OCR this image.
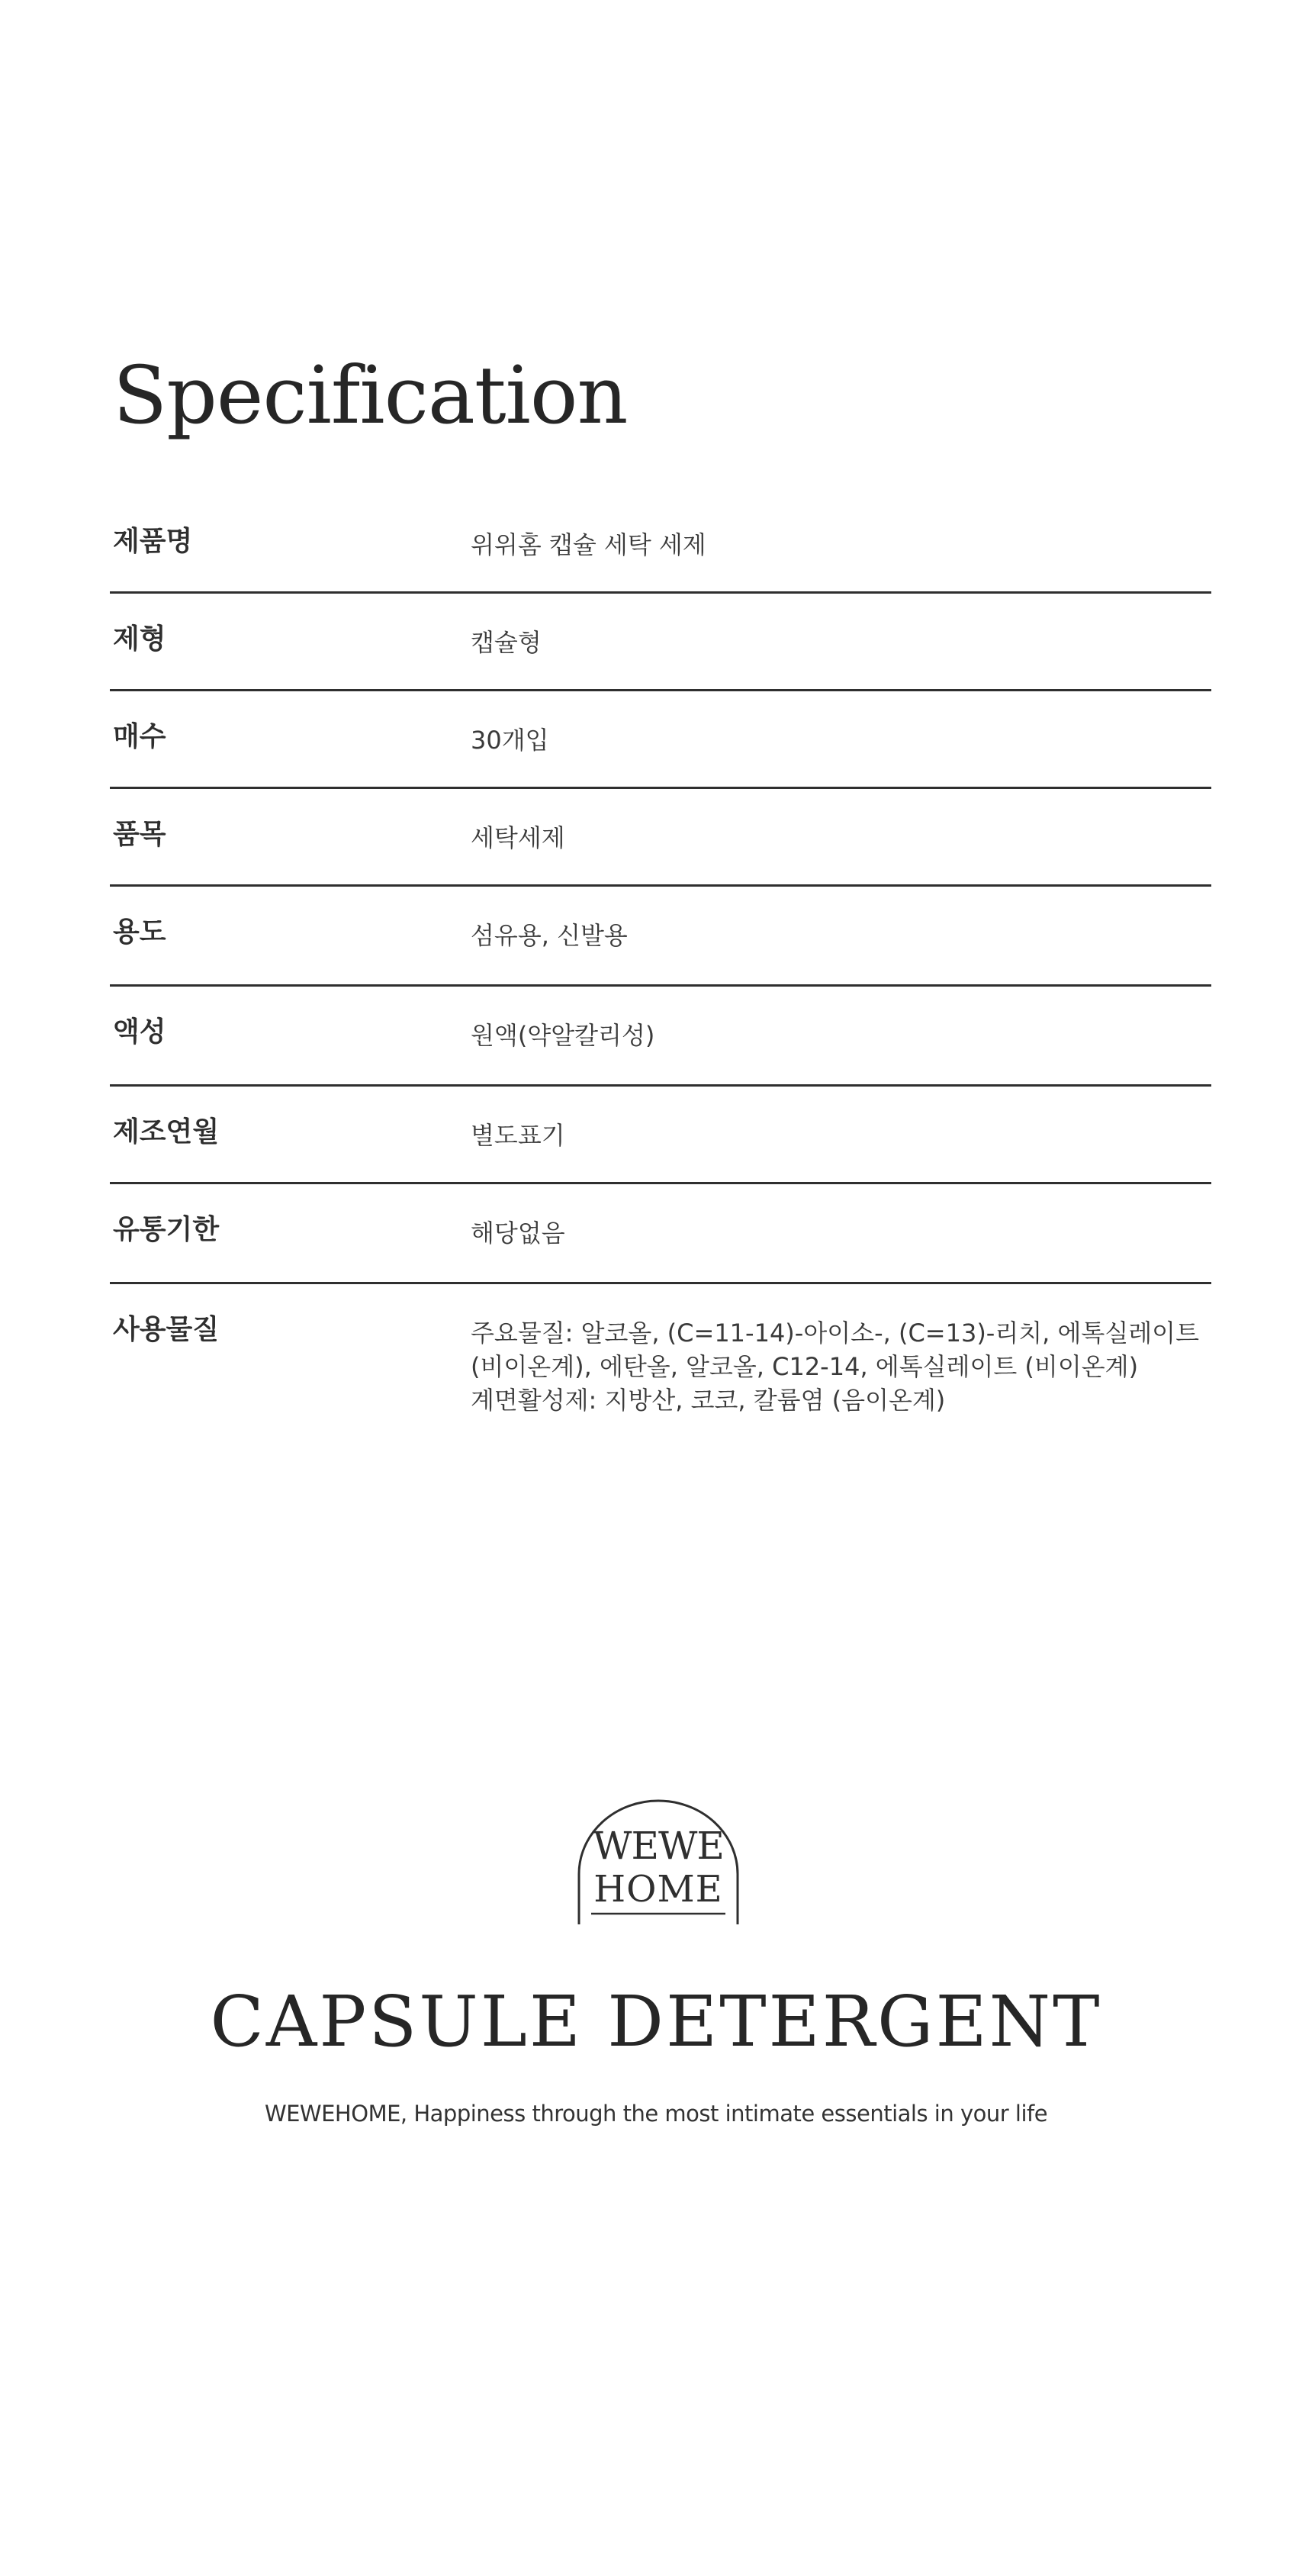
Specification
제품명	위위홈 캡슐 세탁 세제
제형	캡슐형
매수	30개입
품목	세탁세제
용도	섬유용, 신발용
액성	원액(약알칼리성)
제조연월	별도표기
유통기한	해당없음
사용물질	주요물질: 알코올, (C=11-14)-아이소-, (C=13)-리치, 에톡실레이트
(비이온계), 에탄올, 알코올, C12-14, 에톡실레이트 (비이온계)
계면활성제: 지방산, 코코, 칼륨염 (음이온계)
WEWE
HOME
CAPSULE DETERGENT
WEWEHOME, Happiness through the most intimate essentials in your life
